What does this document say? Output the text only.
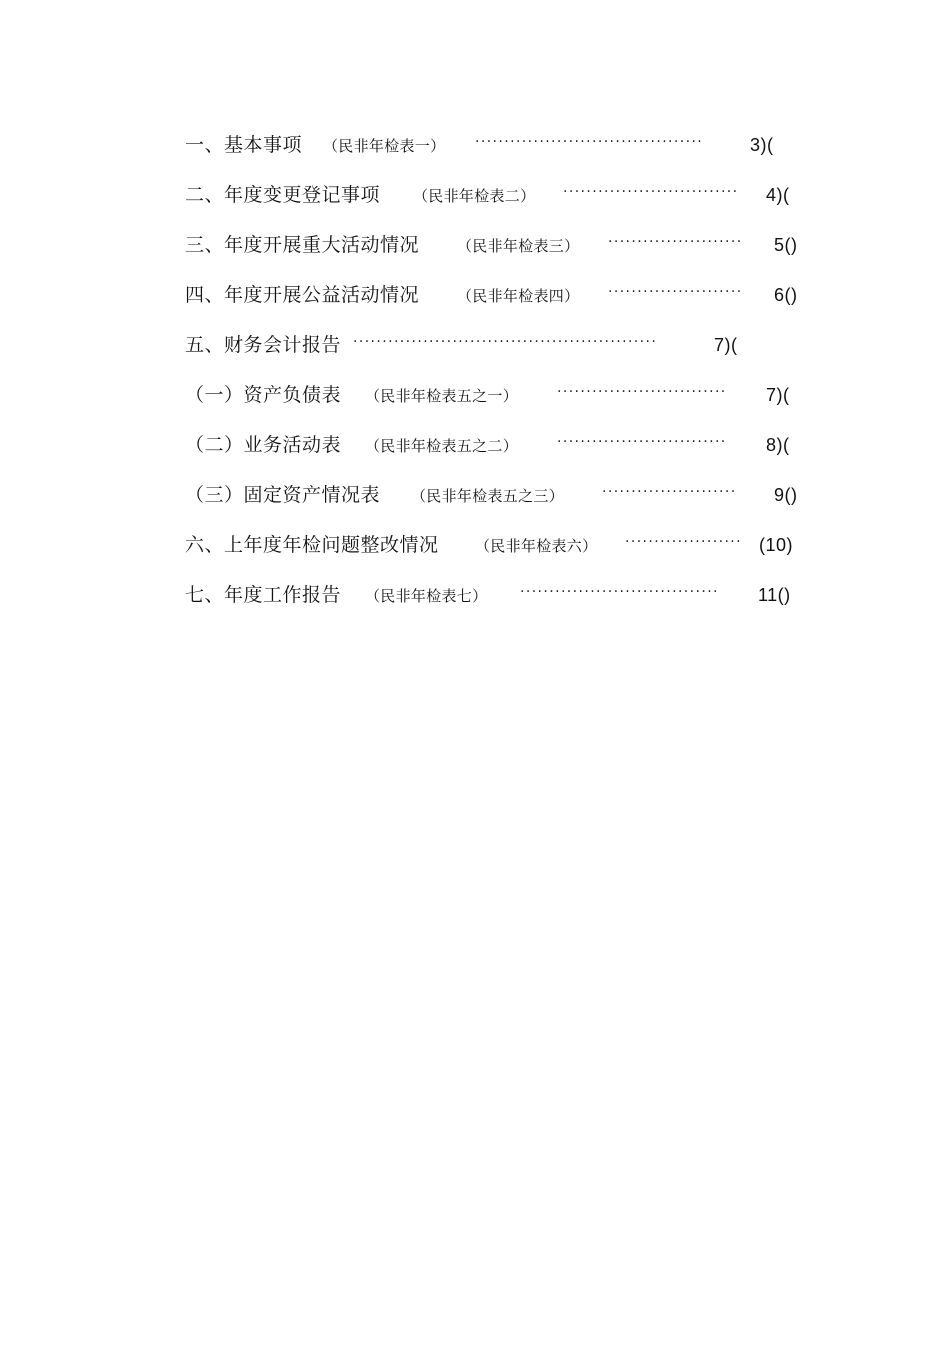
一、基本事项 （民非年检表一） ·······································	3)(
二、年度变更登记事项 （民非年检表二） ······························	4)(
三、年度开展重大活动情况	（民非年检表三） ·······················	5()
四、年度开展公益活动情况	（民非年检表四） ·······················	6()
五、财务会计报告 ····················································	7)(
（一）资产负债表 （民非年检表五之一）	·····························	7)(
（二）业务活动表 （民非年检表五之二）	·····························	8)(
（三）固定资产情况表 （民非年检表五之三）	·······················	9()
六、上年度年检问题整改情况 （民非年检表六） ···················· (10)
七、年度工作报告 （民非年检表七） ··································	11()
